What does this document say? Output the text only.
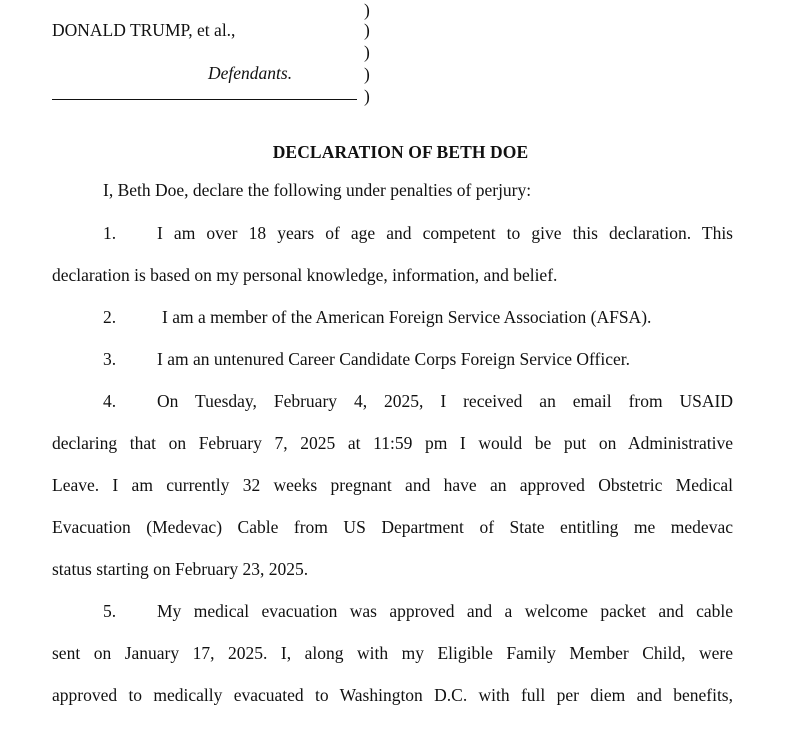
DONALD TRUMP, et al.,
Defendants.
)
)
)
)
)
DECLARATION OF BETH DOE
I, Beth Doe, declare the following under penalties of perjury:
1. I am over 18 years of age and competent to give this declaration. This
declaration is based on my personal knowledge, information, and belief.
2.	I am a member of the American Foreign Service Association (AFSA).
3. I am an untenured Career Candidate Corps Foreign Service Officer.
4. On Tuesday, February 4, 2025, I received an email from USAID
declaring that on February 7, 2025 at 11:59 pm I would be put on Administrative
Leave. I am currently 32 weeks pregnant and have an approved Obstetric Medical
Evacuation (Medevac) Cable from US Department of State entitling me medevac
status starting on February 23, 2025.
5. My medical evacuation was approved and a welcome packet and cable
sent on January 17, 2025. I, along with my Eligible Family Member Child, were
approved to medically evacuated to Washington D.C. with full per diem and benefits,
